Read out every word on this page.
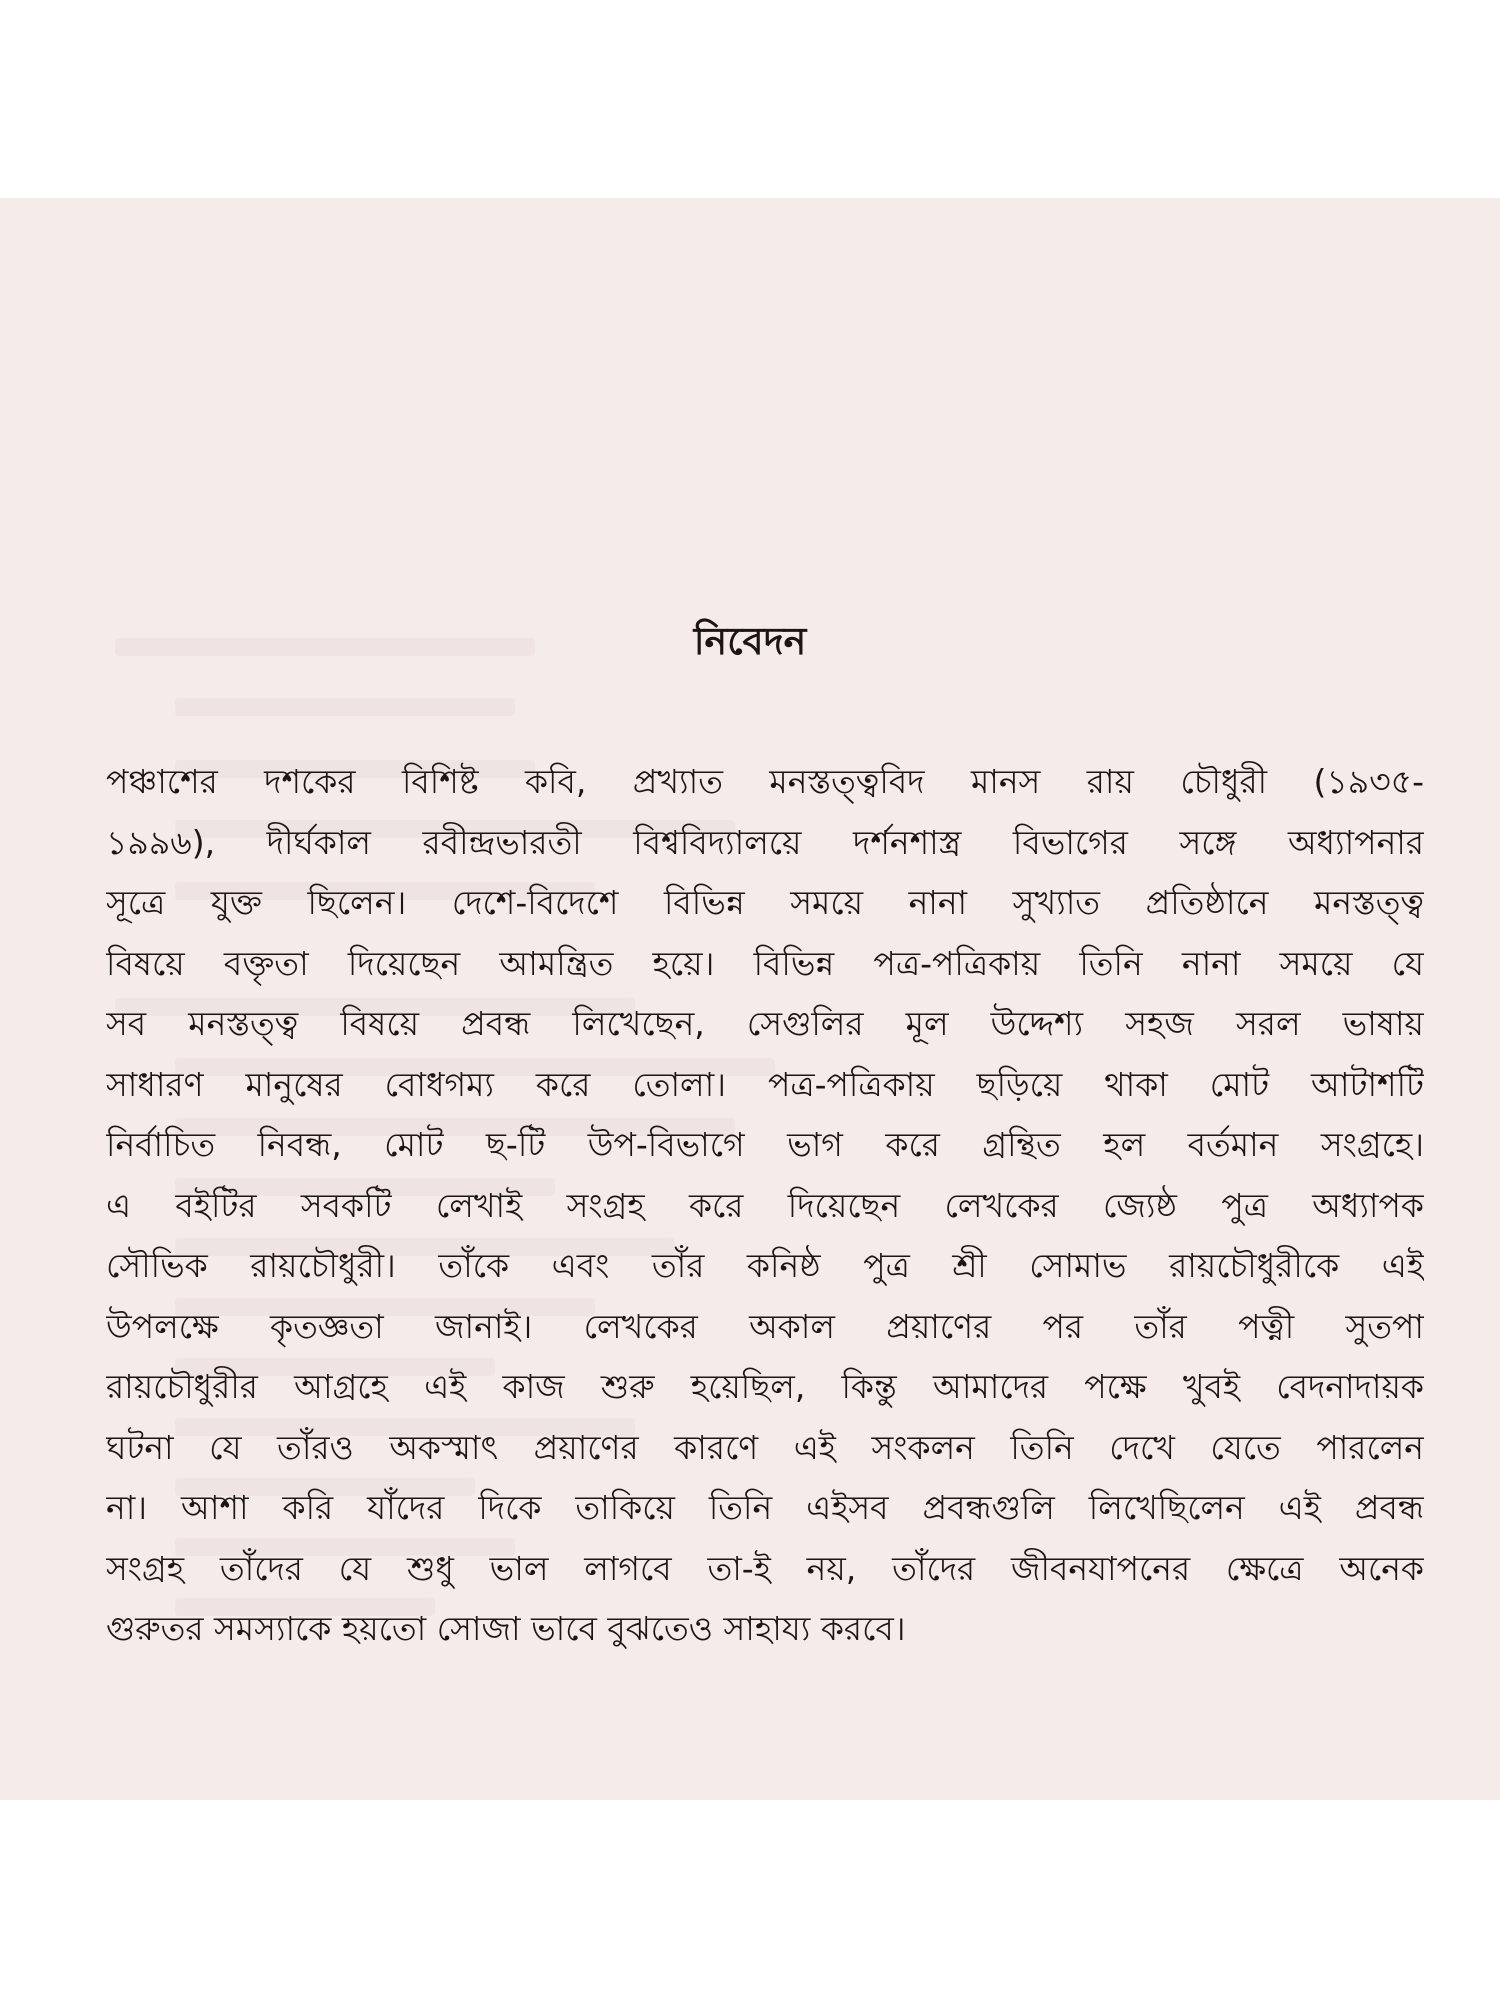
নিবেদন

পঞ্চাশের দশকের বিশিষ্ট কবি, প্রখ্যাত মনস্তত্ত্ববিদ মানস রায় চৌধুরী (১৯৩৫-
১৯৯৬), দীর্ঘকাল রবীন্দ্রভারতী বিশ্ববিদ্যালয়ে দর্শনশাস্ত্র বিভাগের সঙ্গে অধ্যাপনার
সূত্রে যুক্ত ছিলেন। দেশে-বিদেশে বিভিন্ন সময়ে নানা সুখ্যাত প্রতিষ্ঠানে মনস্তত্ত্ব
বিষয়ে বক্তৃতা দিয়েছেন আমন্ত্রিত হয়ে। বিভিন্ন পত্র-পত্রিকায় তিনি নানা সময়ে যে
সব মনস্তত্ত্ব বিষয়ে প্রবন্ধ লিখেছেন, সেগুলির মূল উদ্দেশ্য সহজ সরল ভাষায়
সাধারণ মানুষের বোধগম্য করে তোলা। পত্র-পত্রিকায় ছড়িয়ে থাকা মোট আটাশটি
নির্বাচিত নিবন্ধ, মোট ছ-টি উপ-বিভাগে ভাগ করে গ্রন্থিত হল বর্তমান সংগ্রহে।
এ বইটির সবকটি লেখাই সংগ্রহ করে দিয়েছেন লেখকের জ্যেষ্ঠ পুত্র অধ্যাপক
সৌভিক রায়চৌধুরী। তাঁকে এবং তাঁর কনিষ্ঠ পুত্র শ্রী সোমাভ রায়চৌধুরীকে এই
উপলক্ষে কৃতজ্ঞতা জানাই। লেখকের অকাল প্রয়াণের পর তাঁর পত্নী সুতপা
রায়চৌধুরীর আগ্রহে এই কাজ শুরু হয়েছিল, কিন্তু আমাদের পক্ষে খুবই বেদনাদায়ক
ঘটনা যে তাঁরও অকস্মাৎ প্রয়াণের কারণে এই সংকলন তিনি দেখে যেতে পারলেন
না। আশা করি যাঁদের দিকে তাকিয়ে তিনি এইসব প্রবন্ধগুলি লিখেছিলেন এই প্রবন্ধ
সংগ্রহ তাঁদের যে শুধু ভাল লাগবে তা-ই নয়, তাঁদের জীবনযাপনের ক্ষেত্রে অনেক
গুরুতর সমস্যাকে হয়তো সোজা ভাবে বুঝতেও সাহায্য করবে।
